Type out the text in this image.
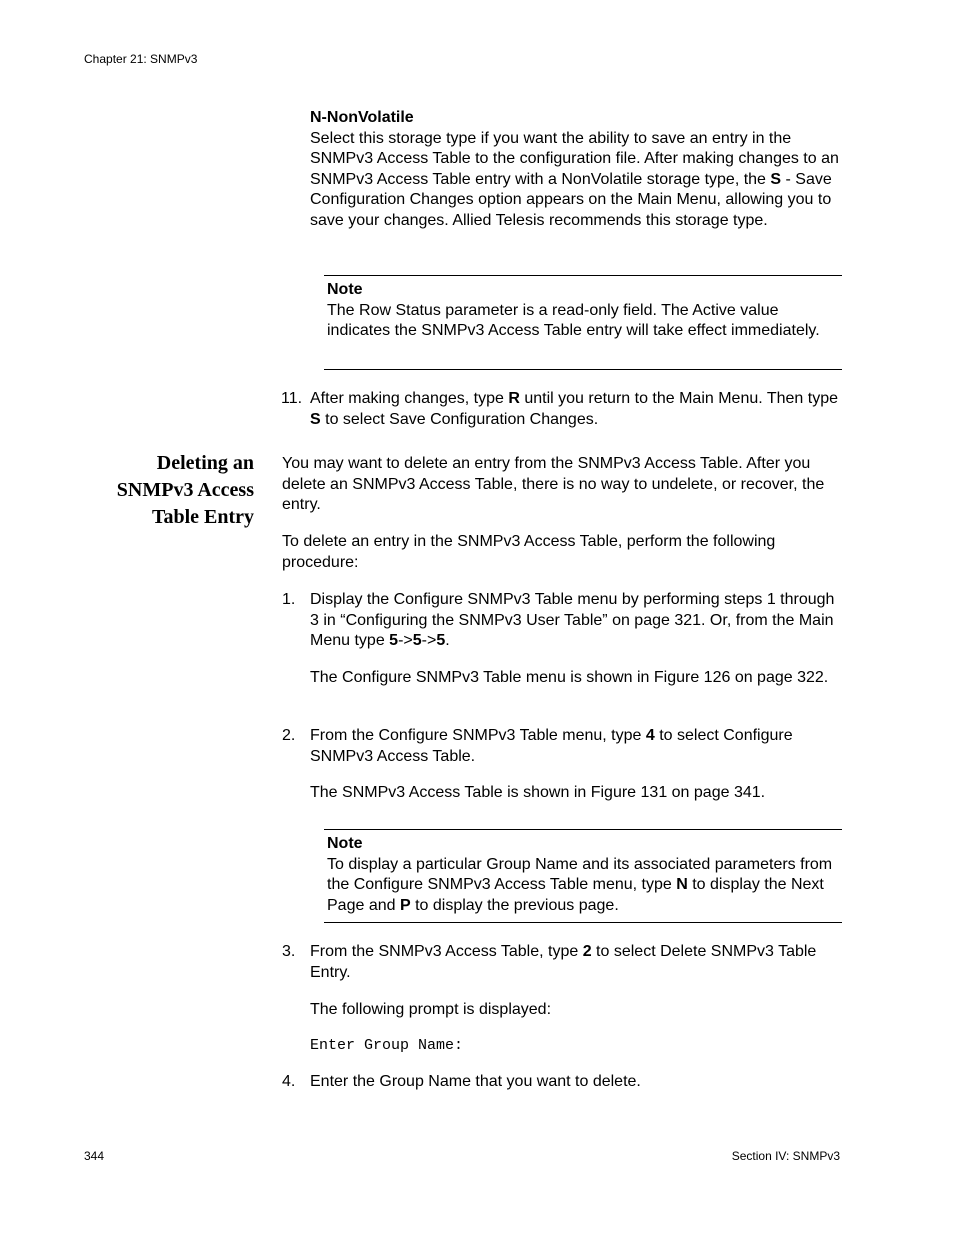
Chapter 21: SNMPv3
N-NonVolatile
Select this storage type if you want the ability to save an entry in the SNMPv3 Access Table to the configuration file. After making changes to an SNMPv3 Access Table entry with a NonVolatile storage type, the S - Save Configuration Changes option appears on the Main Menu, allowing you to save your changes. Allied Telesis recommends this storage type.
Note
The Row Status parameter is a read-only field. The Active value indicates the SNMPv3 Access Table entry will take effect immediately.
11. After making changes, type R until you return to the Main Menu. Then type S to select Save Configuration Changes.
Deleting an
SNMPv3 Access
Table Entry
You may want to delete an entry from the SNMPv3 Access Table. After you delete an SNMPv3 Access Table, there is no way to undelete, or recover, the entry.
To delete an entry in the SNMPv3 Access Table, perform the following procedure:
1. Display the Configure SNMPv3 Table menu by performing steps 1 through 3 in “Configuring the SNMPv3 User Table” on page 321. Or, from the Main Menu type 5->5->5.
The Configure SNMPv3 Table menu is shown in Figure 126 on page 322.
2. From the Configure SNMPv3 Table menu, type 4 to select Configure SNMPv3 Access Table.
The SNMPv3 Access Table is shown in Figure 131 on page 341.
Note
To display a particular Group Name and its associated parameters from the Configure SNMPv3 Access Table menu, type N to display the Next Page and P to display the previous page.
3. From the SNMPv3 Access Table, type 2 to select Delete SNMPv3 Table Entry.
The following prompt is displayed:
Enter Group Name:
4. Enter the Group Name that you want to delete.
344	Section IV: SNMPv3
